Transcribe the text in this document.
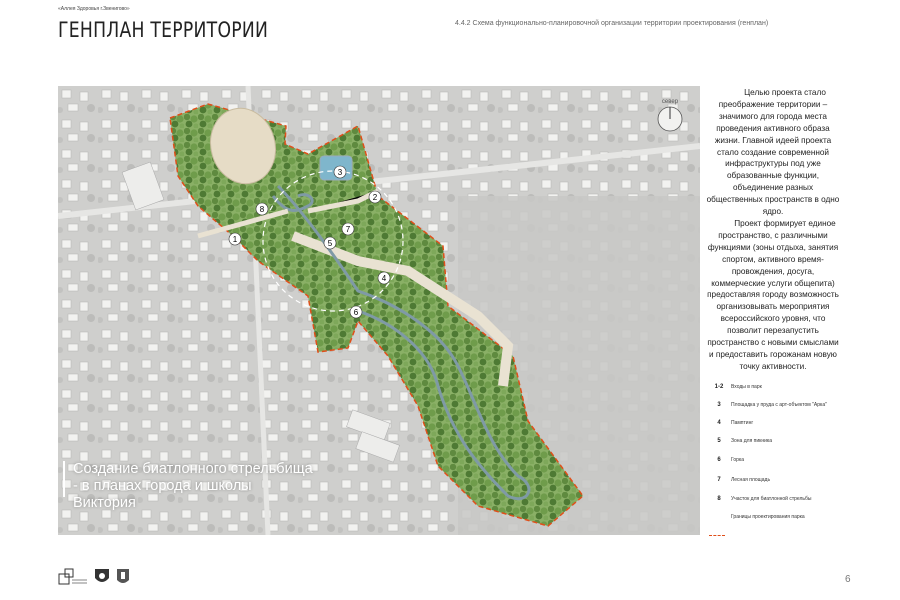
«Аллея Здоровья г.Звенигово»
ГЕНПЛАН ТЕРРИТОРИИ	4.4.2 Схема функционально-планировочной организации территории проектирования (генплан)
1
2
3
4
5
6
7
8
север
Создание биатлонного стрельбища - в планах города и школы Виктория

Целью проекта стало преображение территории – значимого для города места проведения активного образа жизни. Главной идеей проекта стало создание современной инфраструктуры под уже образованные функции, объединение разных общественных пространств в одно ядро.

Проект формирует единое пространство, с различными функциями (зоны отдыха, занятия спортом, активного время-провождения, досуга, коммерческие услуги общепита) предоставляя городу возможность организовывать мероприятия всероссийского уровня, что позволит перезапустить пространство с новыми смыслами и предоставить горожанам новую точку активности.

1-2	Входы в парк
3	Площадка у пруда с арт-объектом "Арка"
4	Памптинг
5	Зона для пикника
6	Горка
7	Лесная площадь
8	Участок для биатлонной стрельбы
Границы проектирования парка
6
